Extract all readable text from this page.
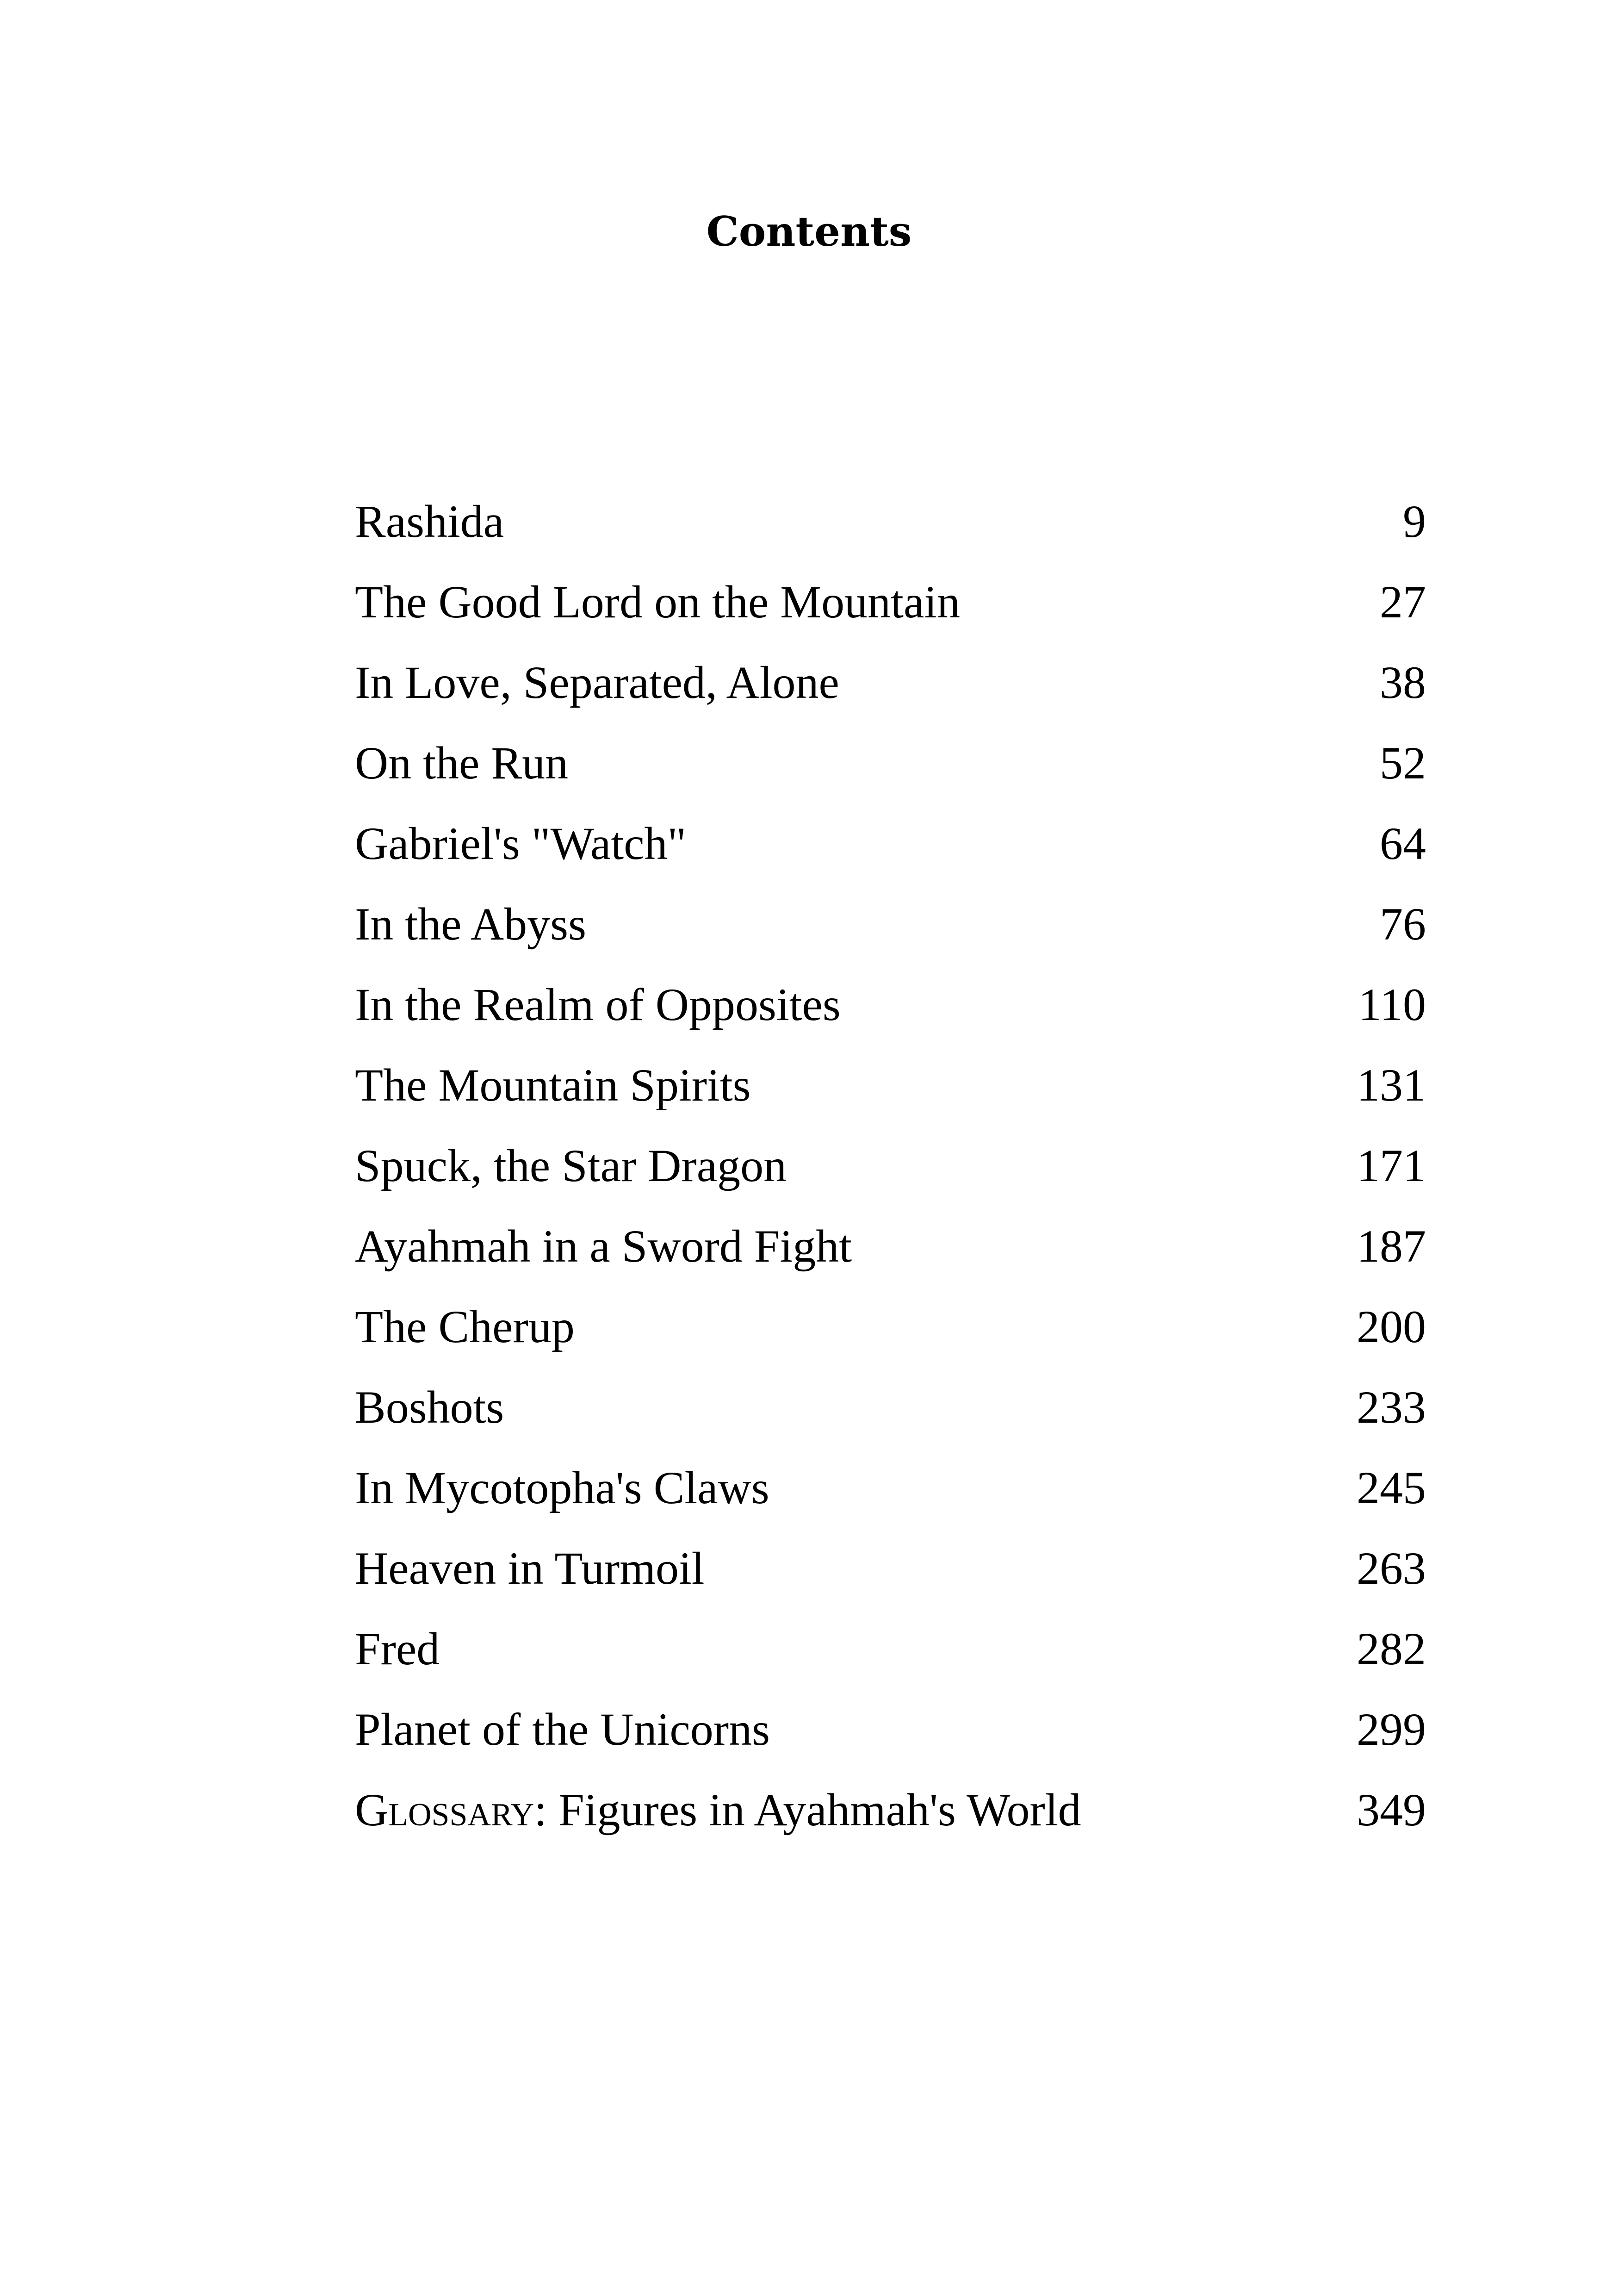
Contents
Rashida	9
The Good Lord on the Mountain	27
In Love, Separated, Alone	38
On the Run	52
Gabriel's "Watch"	64
In the Abyss	76
In the Realm of Opposites	110
The Mountain Spirits	131
Spuck, the Star Dragon	171
Ayahmah in a Sword Fight	187
The Cherup	200
Boshots	233
In Mycotopha's Claws	245
Heaven in Turmoil	263
Fred	282
Planet of the Unicorns	299
Glossary: Figures in Ayahmah's World	349
